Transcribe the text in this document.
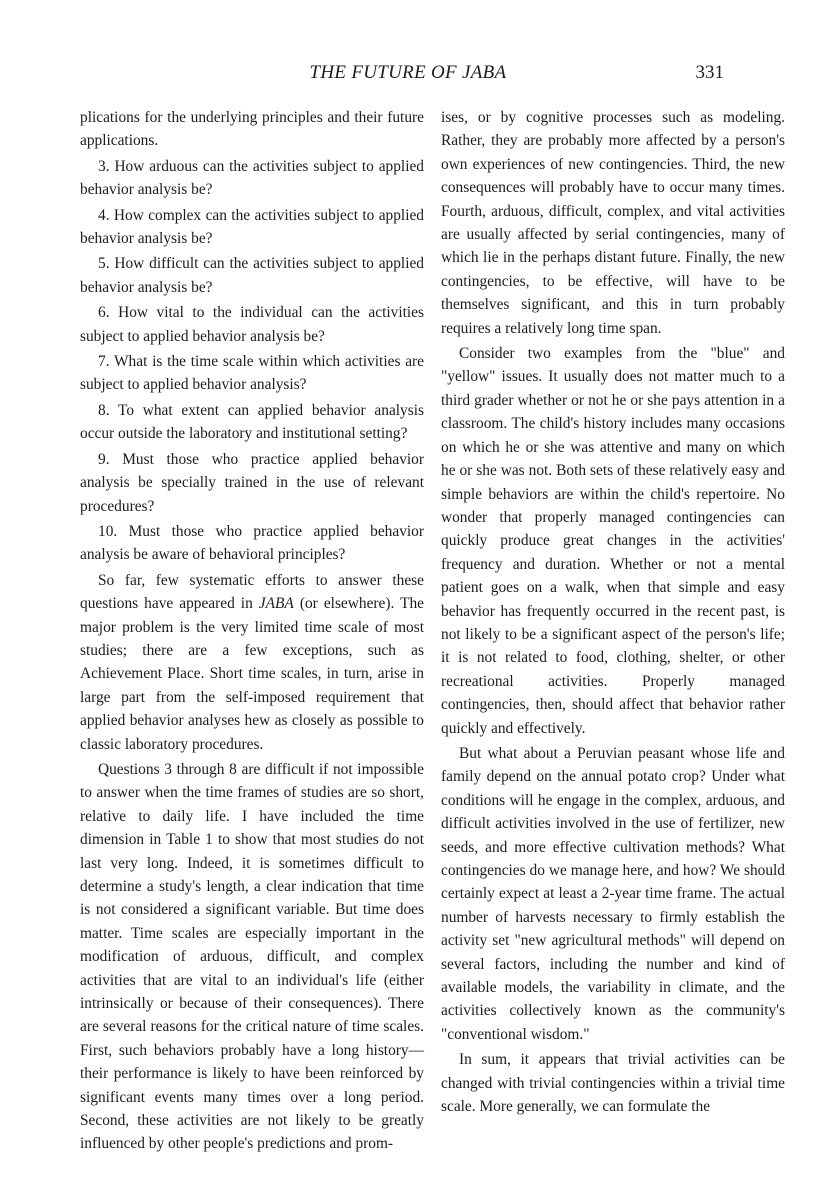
THE FUTURE OF JABA	331

plications for the underlying principles and their future applications.

3. How arduous can the activities subject to applied behavior analysis be?

4. How complex can the activities subject to applied behavior analysis be?

5. How difficult can the activities subject to applied behavior analysis be?

6. How vital to the individual can the activities subject to applied behavior analysis be?

7. What is the time scale within which activities are subject to applied behavior analysis?

8. To what extent can applied behavior analysis occur outside the laboratory and institutional setting?

9. Must those who practice applied behavior analysis be specially trained in the use of relevant procedures?

10. Must those who practice applied behavior analysis be aware of behavioral principles?

So far, few systematic efforts to answer these questions have appeared in JABA (or elsewhere). The major problem is the very limited time scale of most studies; there are a few exceptions, such as Achievement Place. Short time scales, in turn, arise in large part from the self-imposed requirement that applied behavior analyses hew as closely as possible to classic laboratory procedures.

Questions 3 through 8 are difficult if not impossible to answer when the time frames of studies are so short, relative to daily life. I have included the time dimension in Table 1 to show that most studies do not last very long. Indeed, it is sometimes difficult to determine a study's length, a clear indication that time is not considered a significant variable. But time does matter. Time scales are especially important in the modification of arduous, difficult, and complex activities that are vital to an individual's life (either intrinsically or because of their consequences). There are several reasons for the critical nature of time scales. First, such behaviors probably have a long history—their performance is likely to have been reinforced by significant events many times over a long period. Second, these activities are not likely to be greatly influenced by other people's predictions and prom-

ises, or by cognitive processes such as modeling. Rather, they are probably more affected by a person's own experiences of new contingencies. Third, the new consequences will probably have to occur many times. Fourth, arduous, difficult, complex, and vital activities are usually affected by serial contingencies, many of which lie in the perhaps distant future. Finally, the new contingencies, to be effective, will have to be themselves significant, and this in turn probably requires a relatively long time span.

Consider two examples from the "blue" and "yellow" issues. It usually does not matter much to a third grader whether or not he or she pays attention in a classroom. The child's history includes many occasions on which he or she was attentive and many on which he or she was not. Both sets of these relatively easy and simple behaviors are within the child's repertoire. No wonder that properly managed contingencies can quickly produce great changes in the activities' frequency and duration. Whether or not a mental patient goes on a walk, when that simple and easy behavior has frequently occurred in the recent past, is not likely to be a significant aspect of the person's life; it is not related to food, clothing, shelter, or other recreational activities. Properly managed contingencies, then, should affect that behavior rather quickly and effectively.

But what about a Peruvian peasant whose life and family depend on the annual potato crop? Under what conditions will he engage in the complex, arduous, and difficult activities involved in the use of fertilizer, new seeds, and more effective cultivation methods? What contingencies do we manage here, and how? We should certainly expect at least a 2-year time frame. The actual number of harvests necessary to firmly establish the activity set "new agricultural methods" will depend on several factors, including the number and kind of available models, the variability in climate, and the activities collectively known as the community's "conventional wisdom."

In sum, it appears that trivial activities can be changed with trivial contingencies within a trivial time scale. More generally, we can formulate the
